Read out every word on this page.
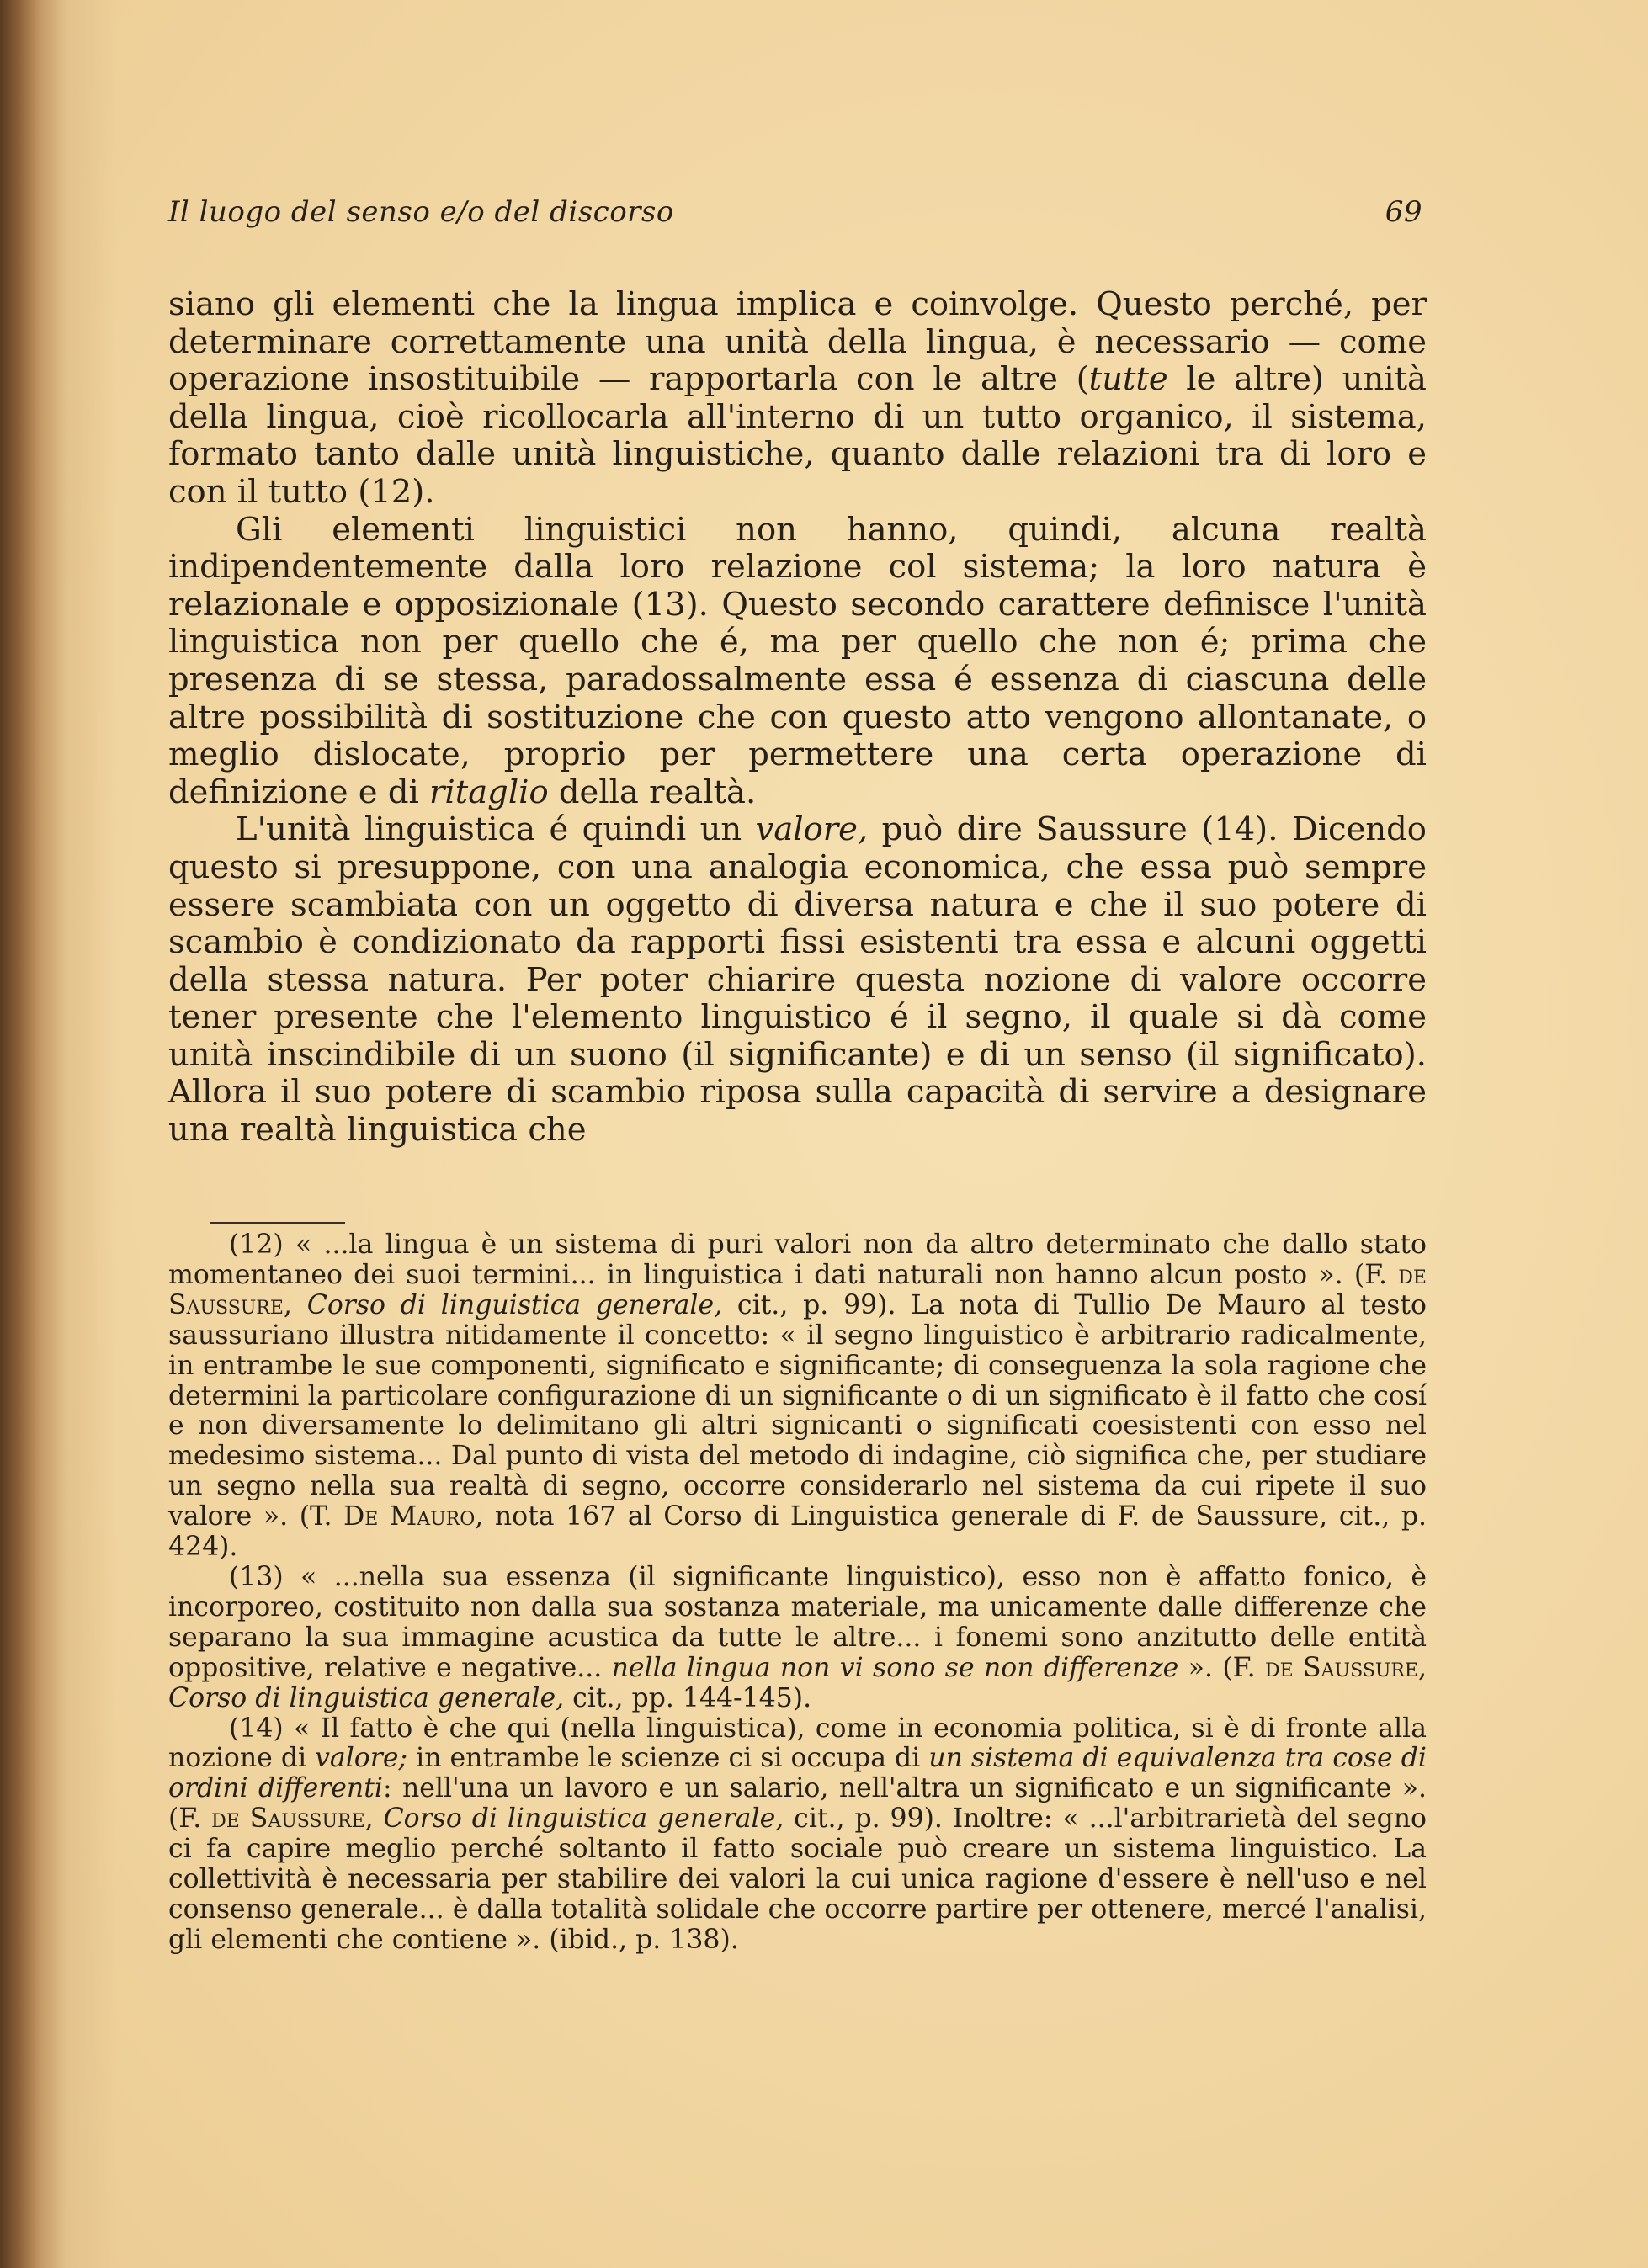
Il luogo del senso e/o del discorso	69

siano gli elementi che la lingua implica e coinvolge. Questo perché, per determinare correttamente una unità della lingua, è necessario — come operazione insostituibile — rapportarla con le altre (tutte le altre) unità della lingua, cioè ricollocarla all'interno di un tutto organico, il sistema, formato tanto dalle unità linguistiche, quanto dalle relazioni tra di loro e con il tutto (12).

Gli elementi linguistici non hanno, quindi, alcuna realtà indipendentemente dalla loro relazione col sistema; la loro natura è relazionale e opposizionale (13). Questo secondo carattere definisce l'unità linguistica non per quello che é, ma per quello che non é; prima che presenza di se stessa, paradossalmente essa é essenza di ciascuna delle altre possibilità di sostituzione che con questo atto vengono allontanate, o meglio dislocate, proprio per permettere una certa operazione di definizione e di ritaglio della realtà.

L'unità linguistica é quindi un valore, può dire Saussure (14). Dicendo questo si presuppone, con una analogia economica, che essa può sempre essere scambiata con un oggetto di diversa natura e che il suo potere di scambio è condizionato da rapporti fissi esistenti tra essa e alcuni oggetti della stessa natura. Per poter chiarire questa nozione di valore occorre tener presente che l'elemento linguistico é il segno, il quale si dà come unità inscindibile di un suono (il significante) e di un senso (il significato). Allora il suo potere di scambio riposa sulla capacità di servire a designare una realtà linguistica che

(12) « ...la lingua è un sistema di puri valori non da altro determinato che dallo stato momentaneo dei suoi termini... in linguistica i dati naturali non hanno alcun posto ». (F. de Saussure, Corso di linguistica generale, cit., p. 99). La nota di Tullio De Mauro al testo saussuriano illustra nitidamente il concetto: « il segno linguistico è arbitrario radicalmente, in entrambe le sue componenti, significato e significante; di conseguenza la sola ragione che determini la particolare configurazione di un significante o di un significato è il fatto che cosí e non diversamente lo delimitano gli altri signicanti o significati coesistenti con esso nel medesimo sistema... Dal punto di vista del metodo di indagine, ciò significa che, per studiare un segno nella sua realtà di segno, occorre considerarlo nel sistema da cui ripete il suo valore ». (T. De Mauro, nota 167 al Corso di Linguistica generale di F. de Saussure, cit., p. 424).

(13) « ...nella sua essenza (il significante linguistico), esso non è affatto fonico, è incorporeo, costituito non dalla sua sostanza materiale, ma unicamente dalle differenze che separano la sua immagine acustica da tutte le altre... i fonemi sono anzitutto delle entità oppositive, relative e negative... nella lingua non vi sono se non differenze ». (F. de Saussure, Corso di linguistica generale, cit., pp. 144-145).

(14) « Il fatto è che qui (nella linguistica), come in economia politica, si è di fronte alla nozione di valore; in entrambe le scienze ci si occupa di un sistema di equivalenza tra cose di ordini differenti: nell'una un lavoro e un salario, nell'altra un significato e un significante ». (F. de Saussure, Corso di linguistica generale, cit., p. 99). Inoltre: « ...l'arbitrarietà del segno ci fa capire meglio perché soltanto il fatto sociale può creare un sistema linguistico. La collettività è necessaria per stabilire dei valori la cui unica ragione d'essere è nell'uso e nel consenso generale... è dalla totalità solidale che occorre partire per ottenere, mercé l'analisi, gli elementi che contiene ». (ibid., p. 138).
